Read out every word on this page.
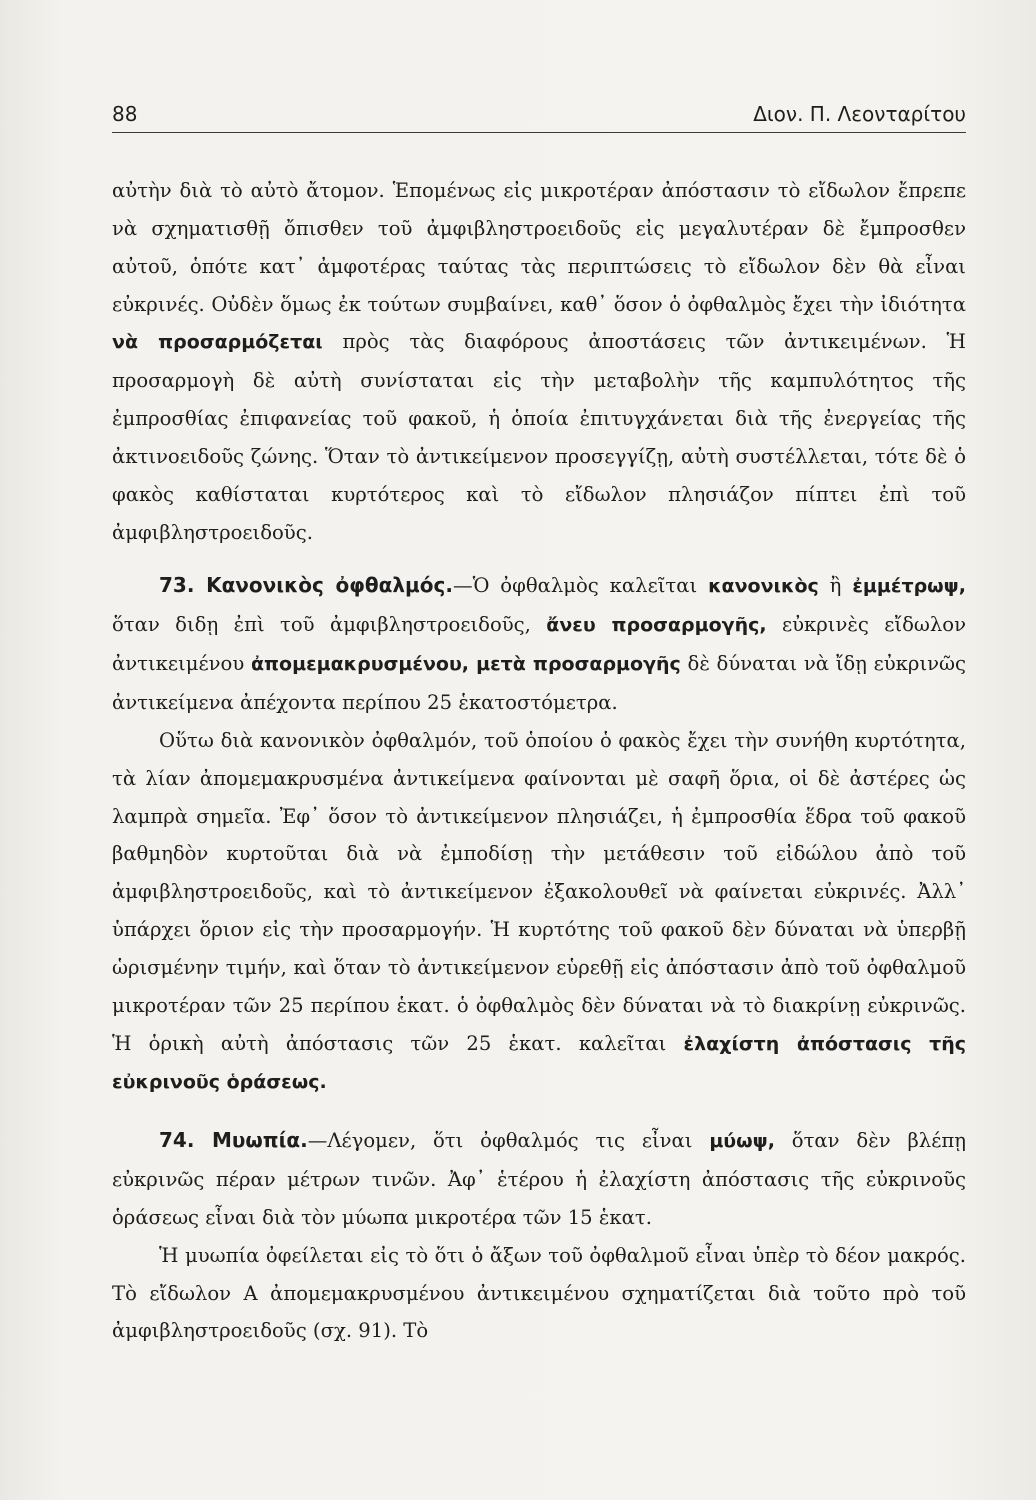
88	Διον. Π. Λεονταρίτου

αὐτὴν διὰ τὸ αὐτὸ ἄτομον. Ἑπομένως εἰς μικροτέραν ἀπόστασιν τὸ εἴδωλον ἔπρεπε νὰ σχηματισθῇ ὄπισθεν τοῦ ἀμφιβληστροειδοῦς εἰς μεγαλυτέραν δὲ ἔμπροσθεν αὐτοῦ, ὁπότε κατ᾿ ἀμφοτέρας ταύτας τὰς περιπτώσεις τὸ εἴδωλον δὲν θὰ εἶναι εὐκρινές. Οὐδὲν ὅμως ἐκ τούτων συμβαίνει, καθ᾿ ὅσον ὁ ὀφθαλμὸς ἔχει τὴν ἰδιότητα νὰ προσαρμόζεται πρὸς τὰς διαφόρους ἀποστάσεις τῶν ἀντικειμένων. Ἡ προσαρμογὴ δὲ αὐτὴ συνίσταται εἰς τὴν μεταβολὴν τῆς καμπυλότητος τῆς ἐμπροσθίας ἐπιφανείας τοῦ φακοῦ, ἡ ὁποία ἐπιτυγχάνεται διὰ τῆς ἐνεργείας τῆς ἀκτινοειδοῦς ζώνης. Ὅταν τὸ ἀντικείμενον προσεγγίζῃ, αὐτὴ συστέλλεται, τότε δὲ ὁ φακὸς καθίσταται κυρτότερος καὶ τὸ εἴδωλον πλησιάζον πίπτει ἐπὶ τοῦ ἀμφιβληστροειδοῦς.

73. Κανονικὸς ὀφθαλμός.—Ὁ ὀφθαλμὸς καλεῖται κανονικὸς ἢ ἐμμέτρωψ, ὅταν διδῃ ἐπὶ τοῦ ἀμφιβληστροειδοῦς, ἄνευ προσαρμογῆς, εὐκρινὲς εἴδωλον ἀντικειμένου ἀπομεμακρυσμένου, μετὰ προσαρμογῆς δὲ δύναται νὰ ἴδῃ εὐκρινῶς ἀντικείμενα ἀπέχοντα περίπου 25 ἑκατοστόμετρα.

Οὕτω διὰ κανονικὸν ὀφθαλμόν, τοῦ ὁποίου ὁ φακὸς ἔχει τὴν συνήθη κυρτότητα, τὰ λίαν ἀπομεμακρυσμένα ἀντικείμενα φαίνονται μὲ σαφῆ ὅρια, οἱ δὲ ἀστέρες ὡς λαμπρὰ σημεῖα. Ἐφ᾿ ὅσον τὸ ἀντικείμενον πλησιάζει, ἡ ἐμπροσθία ἕδρα τοῦ φακοῦ βαθμηδὸν κυρτοῦται διὰ νὰ ἐμποδίσῃ τὴν μετάθεσιν τοῦ εἰδώλου ἀπὸ τοῦ ἀμφιβληστροειδοῦς, καὶ τὸ ἀντικείμενον ἐξακολουθεῖ νὰ φαίνεται εὐκρινές. Ἀλλ᾿ ὑπάρχει ὅριον εἰς τὴν προσαρμογήν. Ἡ κυρτότης τοῦ φακοῦ δὲν δύναται νὰ ὑπερβῇ ὡρισμένην τιμήν, καὶ ὅταν τὸ ἀντικείμενον εὑρεθῇ εἰς ἀπόστασιν ἀπὸ τοῦ ὀφθαλμοῦ μικροτέραν τῶν 25 περίπου ἑκατ. ὁ ὀφθαλμὸς δὲν δύναται νὰ τὸ διακρίνῃ εὐκρινῶς. Ἡ ὁρικὴ αὐτὴ ἀπόστασις τῶν 25 ἑκατ. καλεῖται ἐλαχίστη ἀπόστασις τῆς εὐκρινοῦς ὁράσεως.

74. Μυωπία.—Λέγομεν, ὅτι ὀφθαλμός τις εἶναι μύωψ, ὅταν δὲν βλέπῃ εὐκρινῶς πέραν μέτρων τινῶν. Ἀφ᾿ ἑτέρου ἡ ἐλαχίστη ἀπόστασις τῆς εὐκρινοῦς ὁράσεως εἶναι διὰ τὸν μύωπα μικροτέρα τῶν 15 ἑκατ.

Ἡ μυωπία ὀφείλεται εἰς τὸ ὅτι ὁ ἄξων τοῦ ὀφθαλμοῦ εἶναι ὑπὲρ τὸ δέον μακρός. Τὸ εἴδωλον Α ἀπομεμακρυσμένου ἀντικειμένου σχηματίζεται διὰ τοῦτο πρὸ τοῦ ἀμφιβληστροειδοῦς (σχ. 91). Τὸ
